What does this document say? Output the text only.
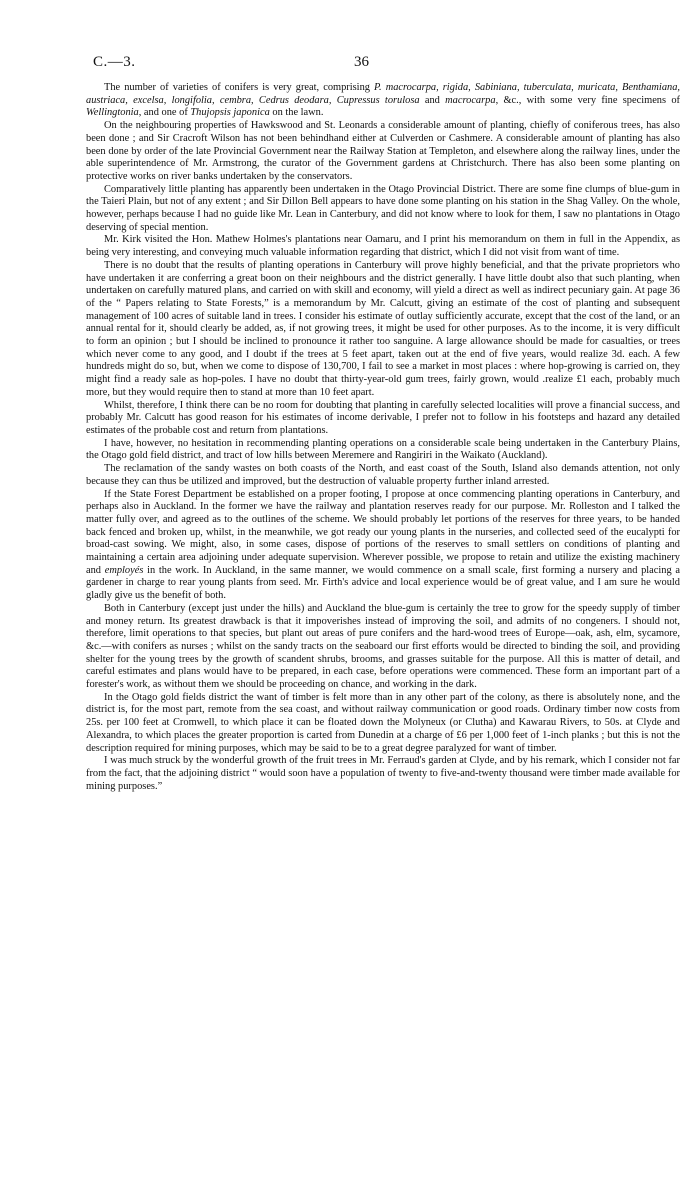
C.—3.	36

The number of varieties of conifers is very great, comprising P. macrocarpa, rigida, Sabiniana, tuberculata, muricata, Benthamiana, austriaca, excelsa, longifolia, cembra, Cedrus deodara, Cupressus torulosa and macrocarpa, &c., with some very fine specimens of Wellingtonia, and one of Thujopsis japonica on the lawn.

On the neighbouring properties of Hawkswood and St. Leonards a considerable amount of planting, chiefly of coniferous trees, has also been done ; and Sir Cracroft Wilson has not been behindhand either at Culverden or Cashmere. A considerable amount of planting has also been done by order of the late Provincial Government near the Railway Station at Templeton, and elsewhere along the railway lines, under the able superintendence of Mr. Armstrong, the curator of the Government gardens at Christchurch. There has also been some planting on protective works on river banks undertaken by the conservators.

Comparatively little planting has apparently been undertaken in the Otago Provincial District. There are some fine clumps of blue-gum in the Taieri Plain, but not of any extent ; and Sir Dillon Bell appears to have done some planting on his station in the Shag Valley. On the whole, however, perhaps because I had no guide like Mr. Lean in Canterbury, and did not know where to look for them, I saw no plantations in Otago deserving of special mention.

Mr. Kirk visited the Hon. Mathew Holmes's plantations near Oamaru, and I print his memorandum on them in full in the Appendix, as being very interesting, and conveying much valuable information regarding that district, which I did not visit from want of time.

There is no doubt that the results of planting operations in Canterbury will prove highly beneficial, and that the private proprietors who have undertaken it are conferring a great boon on their neighbours and the district generally. I have little doubt also that such planting, when undertaken on carefully matured plans, and carried on with skill and economy, will yield a direct as well as indirect pecuniary gain. At page 36 of the “ Papers relating to State Forests,” is a memorandum by Mr. Calcutt, giving an estimate of the cost of planting and subsequent management of 100 acres of suitable land in trees. I consider his estimate of outlay sufficiently accurate, except that the cost of the land, or an annual rental for it, should clearly be added, as, if not growing trees, it might be used for other purposes. As to the income, it is very difficult to form an opinion ; but I should be inclined to pronounce it rather too sanguine. A large allowance should be made for casualties, or trees which never come to any good, and I doubt if the trees at 5 feet apart, taken out at the end of five years, would realize 3d. each. A few hundreds might do so, but, when we come to dispose of 130,700, I fail to see a market in most places : where hop-growing is carried on, they might find a ready sale as hop-poles. I have no doubt that thirty-year-old gum trees, fairly grown, would .realize £1 each, probably much more, but they would require then to stand at more than 10 feet apart.

Whilst, therefore, I think there can be no room for doubting that planting in carefully selected localities will prove a financial success, and probably Mr. Calcutt has good reason for his estimates of income derivable, I prefer not to follow in his footsteps and hazard any detailed estimates of the probable cost and return from plantations.

I have, however, no hesitation in recommending planting operations on a considerable scale being undertaken in the Canterbury Plains, the Otago gold field district, and tract of low hills between Meremere and Rangiriri in the Waikato (Auckland).

The reclamation of the sandy wastes on both coasts of the North, and east coast of the South, Island also demands attention, not only because they can thus be utilized and improved, but the destruction of valuable property further inland arrested.

If the State Forest Department be established on a proper footing, I propose at once commencing planting operations in Canterbury, and perhaps also in Auckland. In the former we have the railway and plantation reserves ready for our purpose. Mr. Rolleston and I talked the matter fully over, and agreed as to the outlines of the scheme. We should probably let portions of the reserves for three years, to be handed back fenced and broken up, whilst, in the meanwhile, we got ready our young plants in the nurseries, and collected seed of the eucalypti for broad-cast sowing. We might, also, in some cases, dispose of portions of the reserves to small settlers on conditions of planting and maintaining a certain area adjoining under adequate supervision. Wherever possible, we propose to retain and utilize the existing machinery and employés in the work. In Auckland, in the same manner, we would commence on a small scale, first forming a nursery and placing a gardener in charge to rear young plants from seed. Mr. Firth's advice and local experience would be of great value, and I am sure he would gladly give us the benefit of both.

Both in Canterbury (except just under the hills) and Auckland the blue-gum is certainly the tree to grow for the speedy supply of timber and money return. Its greatest drawback is that it impoverishes instead of improving the soil, and admits of no congeners. I should not, therefore, limit operations to that species, but plant out areas of pure conifers and the hard-wood trees of Europe—oak, ash, elm, sycamore, &c.—with conifers as nurses ; whilst on the sandy tracts on the seaboard our first efforts would be directed to binding the soil, and providing shelter for the young trees by the growth of scandent shrubs, brooms, and grasses suitable for the purpose. All this is matter of detail, and careful estimates and plans would have to be prepared, in each case, before operations were commenced. These form an important part of a forester's work, as without them we should be proceeding on chance, and working in the dark.

In the Otago gold fields district the want of timber is felt more than in any other part of the colony, as there is absolutely none, and the district is, for the most part, remote from the sea coast, and without railway communication or good roads. Ordinary timber now costs from 25s. per 100 feet at Cromwell, to which place it can be floated down the Molyneux (or Clutha) and Kawarau Rivers, to 50s. at Clyde and Alexandra, to which places the greater proportion is carted from Dunedin at a charge of £6 per 1,000 feet of 1-inch planks ; but this is not the description required for mining purposes, which may be said to be to a great degree paralyzed for want of timber.

I was much struck by the wonderful growth of the fruit trees in Mr. Ferraud's garden at Clyde, and by his remark, which I consider not far from the fact, that the adjoining district “ would soon have a population of twenty to five-and-twenty thousand were timber made available for mining purposes.”
